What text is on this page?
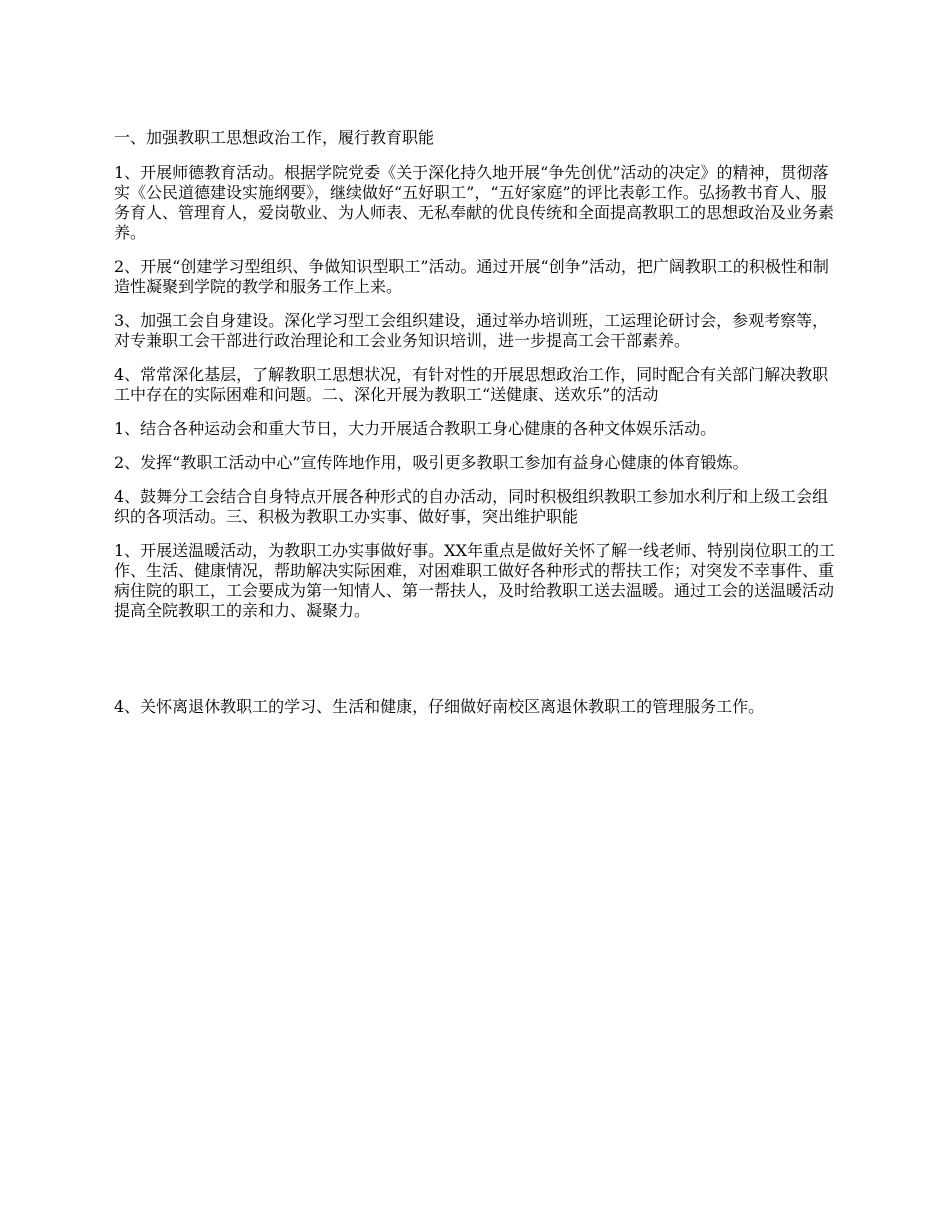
一、加强教职工思想政治工作，履行教育职能

1、开展师德教育活动。根据学院党委《关于深化持久地开展“争先创优”活动的决定》的精神，贯彻落实《公民道德建设实施纲要》，继续做好“五好职工”，“五好家庭”的评比表彰工作。弘扬教书育人、服务育人、管理育人，爱岗敬业、为人师表、无私奉献的优良传统和全面提高教职工的思想政治及业务素养。

2、开展“创建学习型组织、争做知识型职工”活动。通过开展“创争”活动，把广阔教职工的积极性和制造性凝聚到学院的教学和服务工作上来。

3、加强工会自身建设。深化学习型工会组织建设，通过举办培训班，工运理论研讨会，参观考察等，对专兼职工会干部进行政治理论和工会业务知识培训，进一步提高工会干部素养。

4、常常深化基层，了解教职工思想状况，有针对性的开展思想政治工作，同时配合有关部门解决教职工中存在的实际困难和问题。二、深化开展为教职工“送健康、送欢乐”的活动

1、结合各种运动会和重大节日，大力开展适合教职工身心健康的各种文体娱乐活动。

2、发挥“教职工活动中心”宣传阵地作用，吸引更多教职工参加有益身心健康的体育锻炼。

4、鼓舞分工会结合自身特点开展各种形式的自办活动，同时积极组织教职工参加水利厅和上级工会组织的各项活动。三、积极为教职工办实事、做好事，突出维护职能

1、开展送温暖活动，为教职工办实事做好事。XX年重点是做好关怀了解一线老师、特别岗位职工的工作、生活、健康情况，帮助解决实际困难，对困难职工做好各种形式的帮扶工作；对突发不幸事件、重病住院的职工，工会要成为第一知情人、第一帮扶人，及时给教职工送去温暖。通过工会的送温暖活动提高全院教职工的亲和力、凝聚力。

4、关怀离退休教职工的学习、生活和健康，仔细做好南校区离退休教职工的管理服务工作。
